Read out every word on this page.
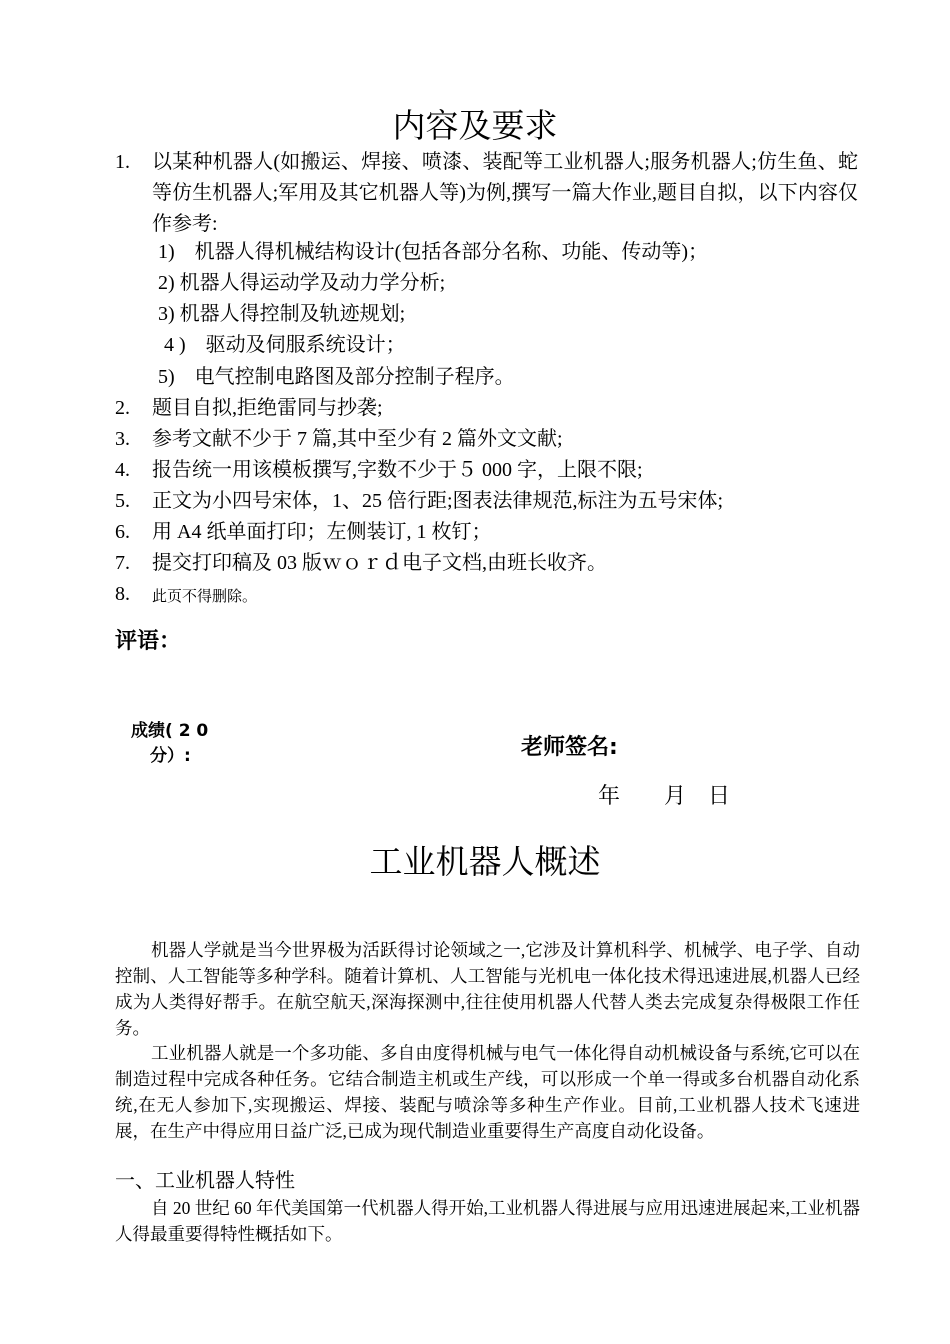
内容及要求
1. 以某种机器人(如搬运、焊接、喷漆、装配等工业机器人;服务机器人;仿生鱼、蛇等仿生机器人;军用及其它机器人等)为例,撰写一篇大作业,题目自拟，以下内容仅作参考:
1)　机器人得机械结构设计(包括各部分名称、功能、传动等)；
2) 机器人得运动学及动力学分析;
3) 机器人得控制及轨迹规划;
4 )　驱动及伺服系统设计；
5)　电气控制电路图及部分控制子程序。
2. 题目自拟,拒绝雷同与抄袭;
3. 参考文献不少于 7 篇,其中至少有 2 篇外文文献;
4. 报告统一用该模板撰写,字数不少于５ 000 字，上限不限;
5. 正文为小四号宋体，1、25 倍行距;图表法律规范,标注为五号宋体;
6. 用 A4 纸单面打印；左侧装订, 1 枚钉；
7. 提交打印稿及 03 版ｗｏｒｄ电子文档,由班长收齐。
8. 此页不得删除。
评语：
成绩( 2 0
分）:	老师签名:
年　　月　日
工业机器人概述
机器人学就是当今世界极为活跃得讨论领域之一,它涉及计算机科学、机械学、电子学、自动控制、人工智能等多种学科。随着计算机、人工智能与光机电一体化技术得迅速进展,机器人已经成为人类得好帮手。在航空航天,深海探测中,往往使用机器人代替人类去完成复杂得极限工作任务。
工业机器人就是一个多功能、多自由度得机械与电气一体化得自动机械设备与系统,它可以在制造过程中完成各种任务。它结合制造主机或生产线，可以形成一个单一得或多台机器自动化系统,在无人参加下,实现搬运、焊接、装配与喷涂等多种生产作业。目前,工业机器人技术飞速进展，在生产中得应用日益广泛,已成为现代制造业重要得生产高度自动化设备。
一、工业机器人特性
自 20 世纪 60 年代美国第一代机器人得开始,工业机器人得进展与应用迅速进展起来,工业机器人得最重要得特性概括如下。
